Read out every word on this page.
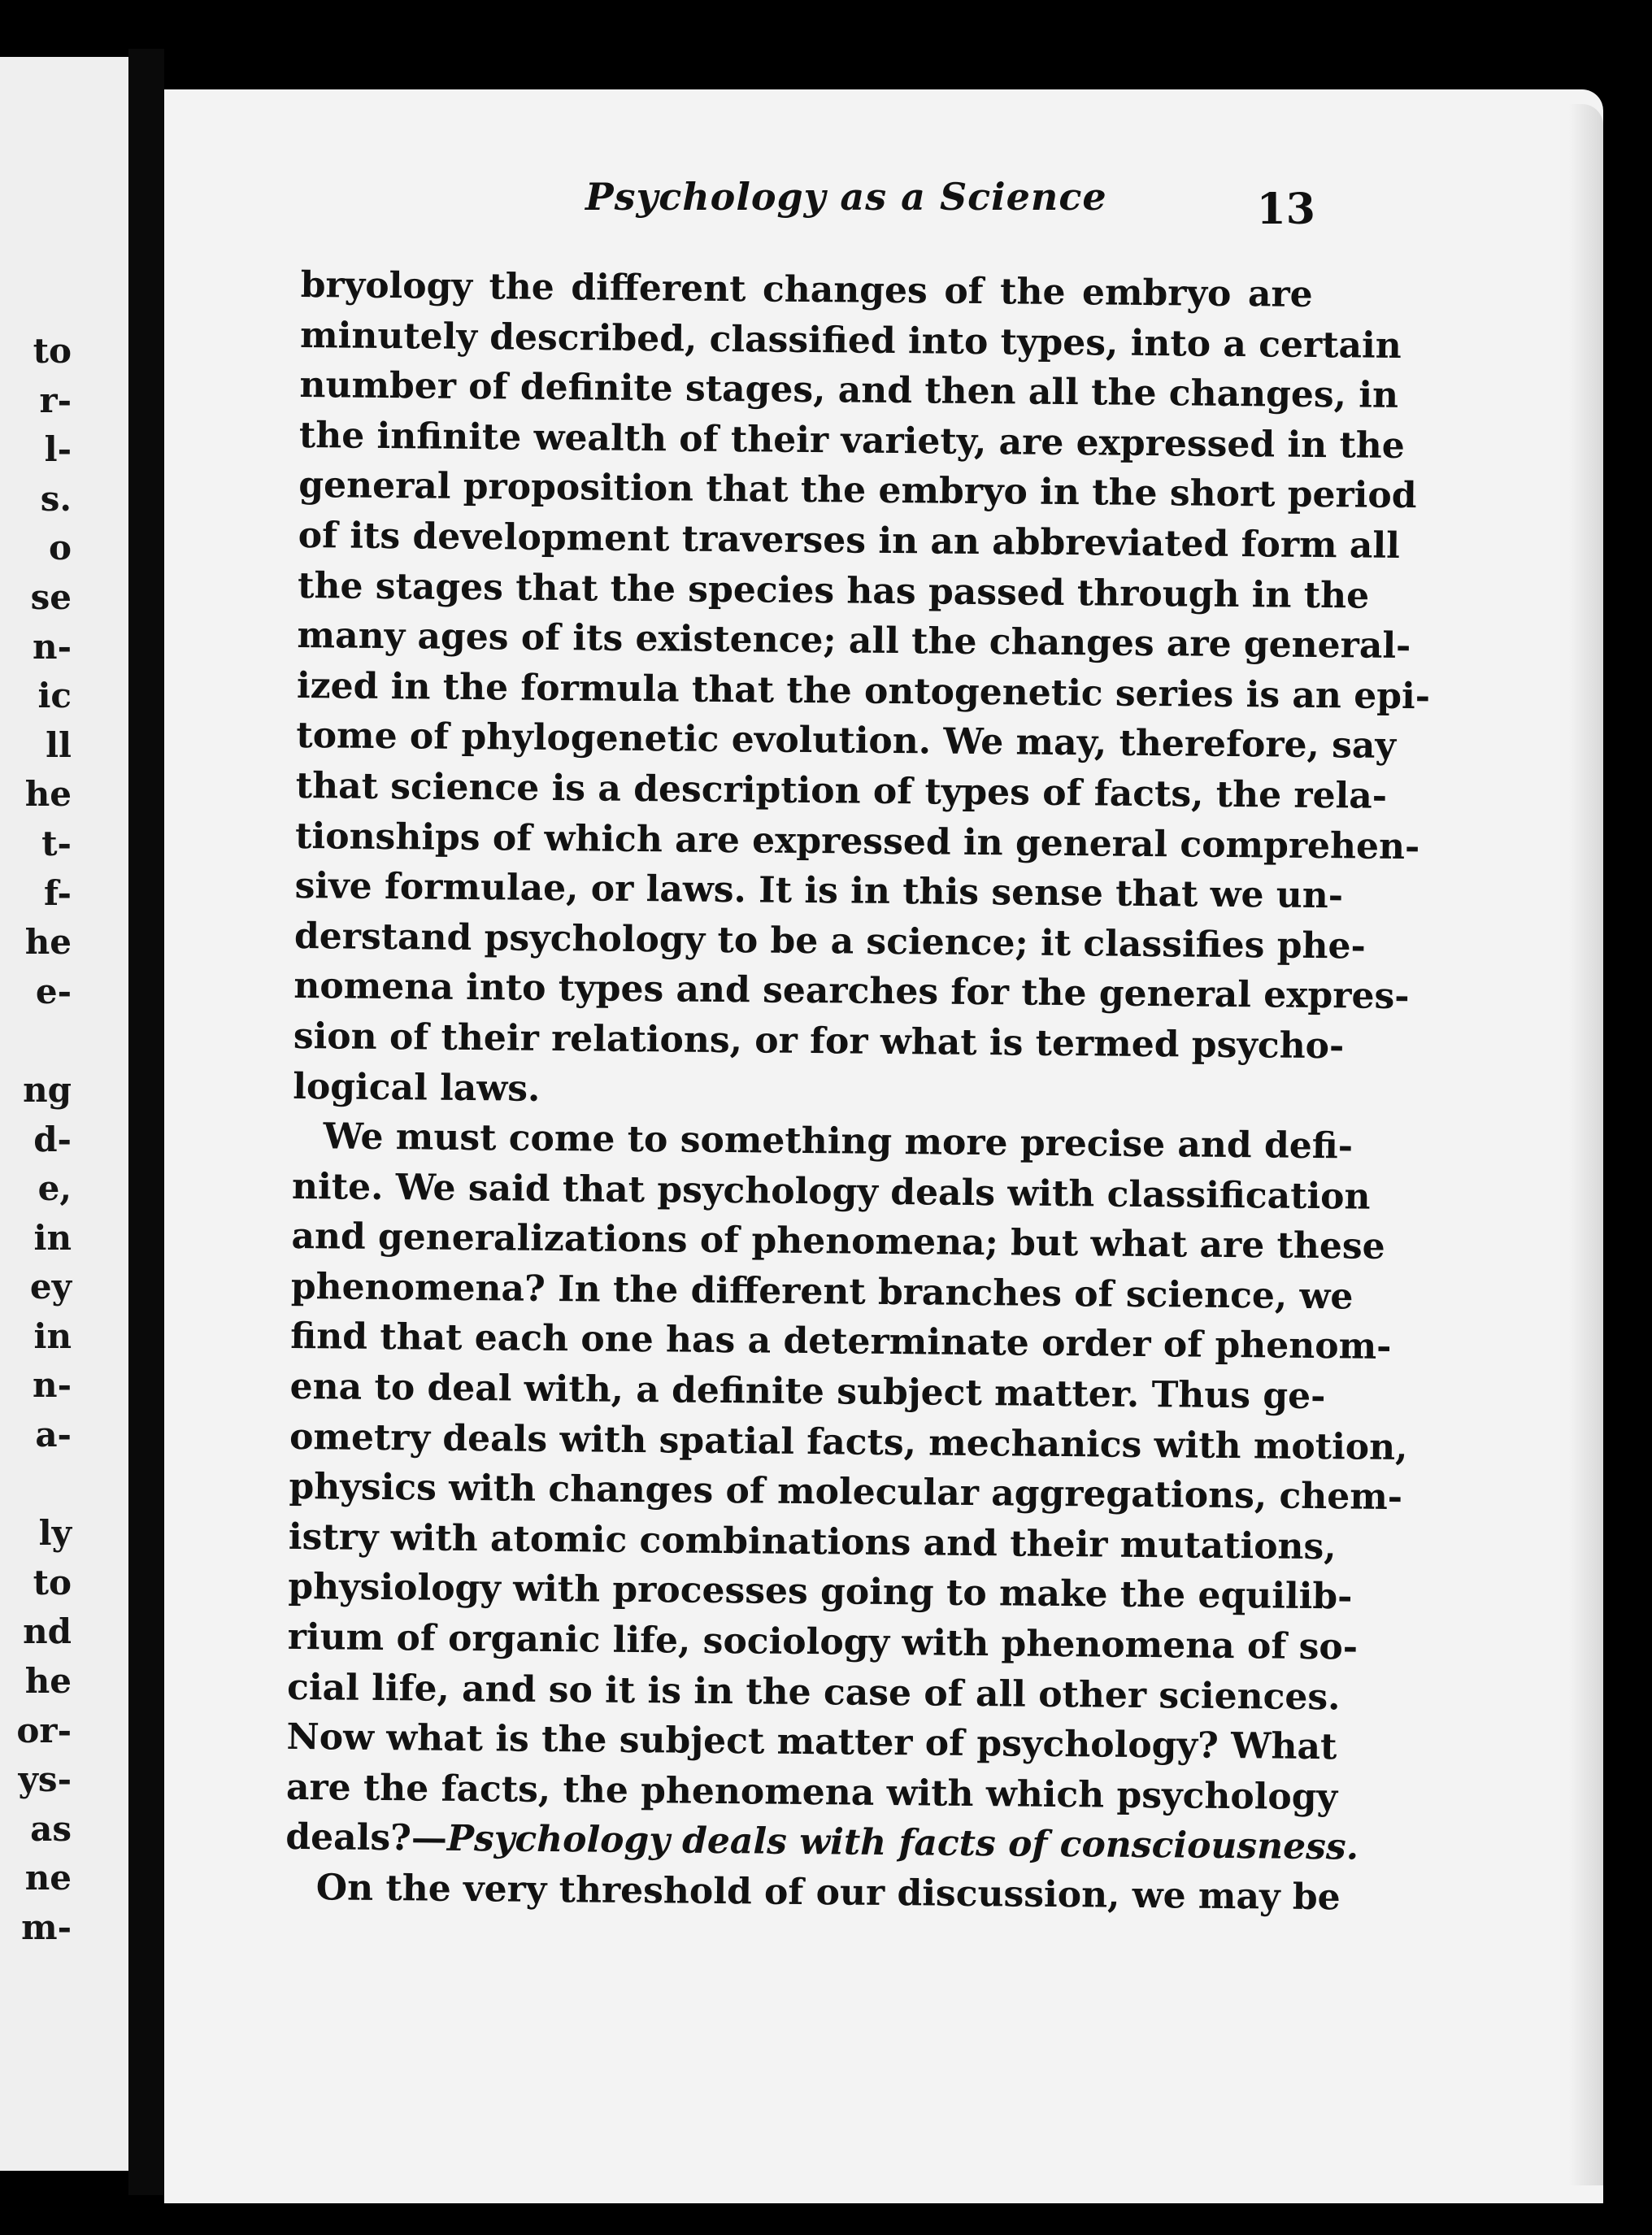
to
r-
l-
s.
o
se
n-
ic
ll
he
t-
f-
he
e-
ng
d-
e,
in
ey
in
n-
a-
ly
to
nd
he
or-
ys-
as
ne
m-
Psychology as a Science	13
bryology the different changes of the embryo are
minutely described, classified into types, into a certain
number of definite stages, and then all the changes, in
the infinite wealth of their variety, are expressed in the
general proposition that the embryo in the short period
of its development traverses in an abbreviated form all
the stages that the species has passed through in the
many ages of its existence; all the changes are general-
ized in the formula that the ontogenetic series is an epi-
tome of phylogenetic evolution. We may, therefore, say
that science is a description of types of facts, the rela-
tionships of which are expressed in general comprehen-
sive formulae, or laws. It is in this sense that we un-
derstand psychology to be a science; it classifies phe-
nomena into types and searches for the general expres-
sion of their relations, or for what is termed psycho-
logical laws.
We must come to something more precise and defi-
nite. We said that psychology deals with classification
and generalizations of phenomena; but what are these
phenomena? In the different branches of science, we
find that each one has a determinate order of phenom-
ena to deal with, a definite subject matter. Thus ge-
ometry deals with spatial facts, mechanics with motion,
physics with changes of molecular aggregations, chem-
istry with atomic combinations and their mutations,
physiology with processes going to make the equilib-
rium of organic life, sociology with phenomena of so-
cial life, and so it is in the case of all other sciences.
Now what is the subject matter of psychology? What
are the facts, the phenomena with which psychology
deals?—Psychology deals with facts of consciousness.
On the very threshold of our discussion, we may be
